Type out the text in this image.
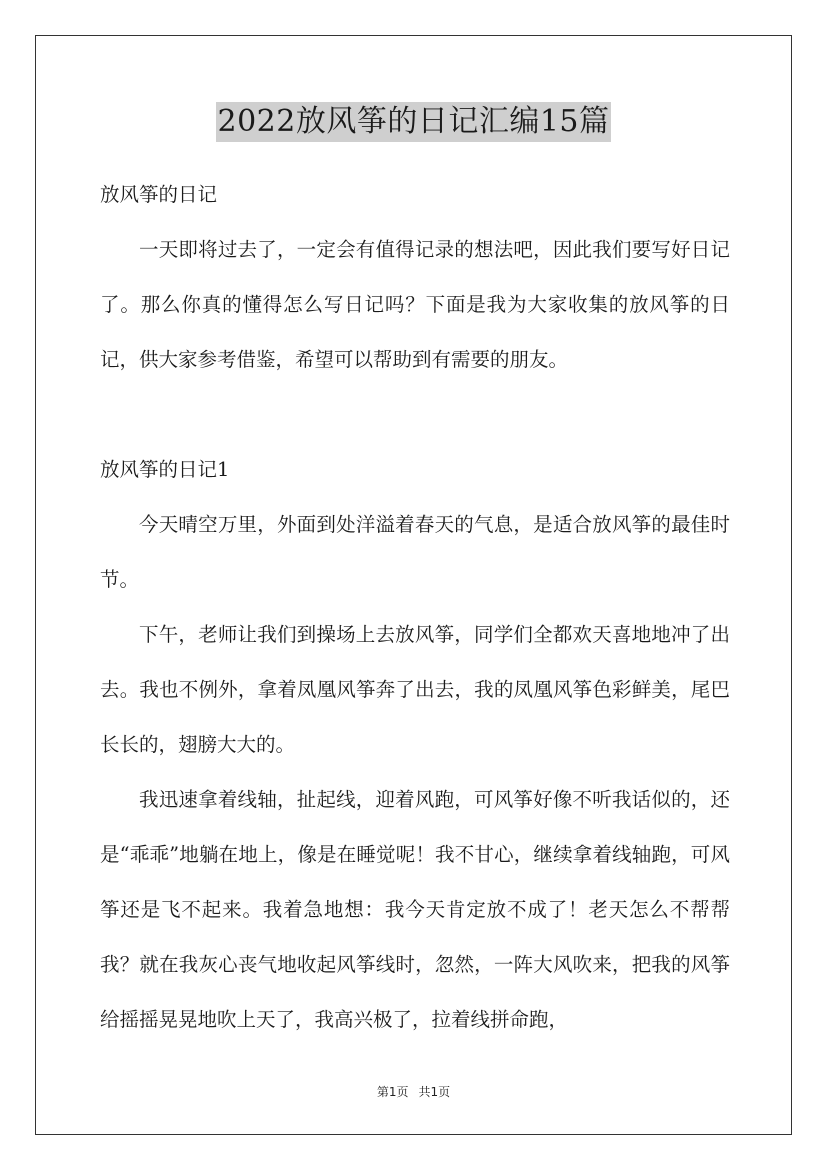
2022放风筝的日记汇编15篇

放风筝的日记

一天即将过去了，一定会有值得记录的想法吧，因此我们要写好日记了。那么你真的懂得怎么写日记吗？下面是我为大家收集的放风筝的日记，供大家参考借鉴，希望可以帮助到有需要的朋友。

放风筝的日记1

今天晴空万里，外面到处洋溢着春天的气息，是适合放风筝的最佳时节。

下午，老师让我们到操场上去放风筝，同学们全都欢天喜地地冲了出去。我也不例外，拿着凤凰风筝奔了出去，我的凤凰风筝色彩鲜美，尾巴长长的，翅膀大大的。

我迅速拿着线轴，扯起线，迎着风跑，可风筝好像不听我话似的，还是“乖乖”地躺在地上，像是在睡觉呢！我不甘心，继续拿着线轴跑，可风筝还是飞不起来。我着急地想：我今天肯定放不成了！老天怎么不帮帮我？就在我灰心丧气地收起风筝线时，忽然，一阵大风吹来，把我的风筝给摇摇晃晃地吹上天了，我高兴极了，拉着线拼命跑，

第1页 共1页
